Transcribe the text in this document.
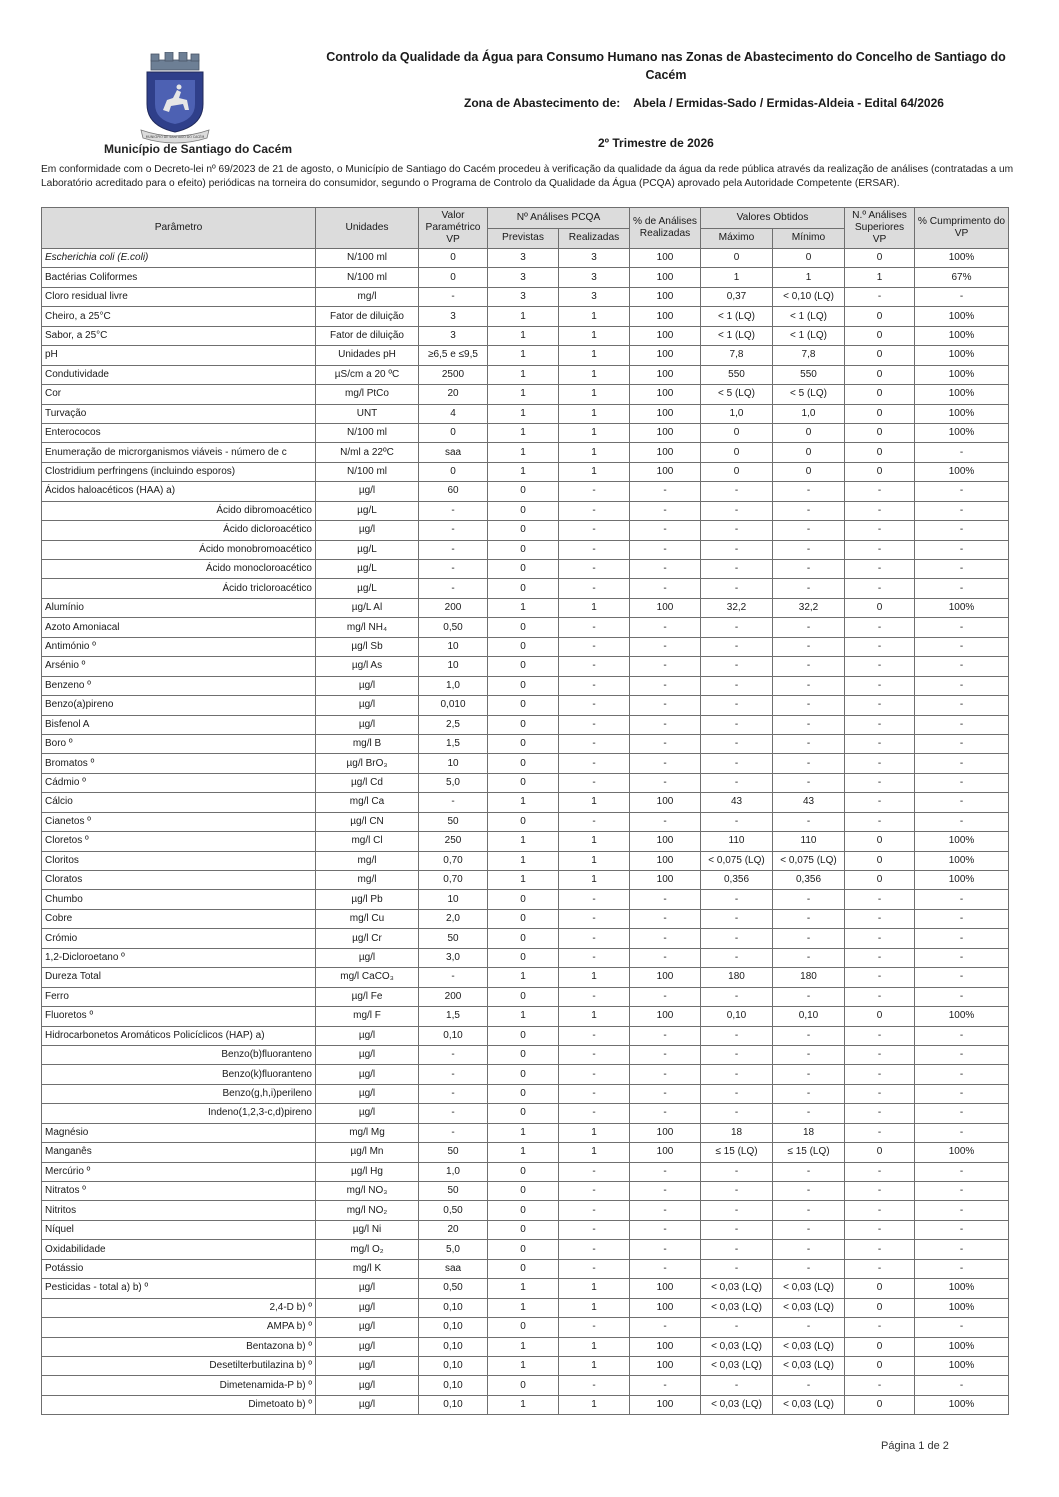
MUNICÍPIO DE SANTIAGO DO CACÉM
Município de Santiago do Cacém
Controlo da Qualidade da Água para Consumo Humano nas Zonas de Abastecimento do Concelho de Santiago do Cacém
Zona de Abastecimento de: Abela / Ermidas-Sado / Ermidas-Aldeia - Edital 64/2026
2º Trimestre de 2026
Em conformidade com o Decreto-lei nº 69/2023 de 21 de agosto, o Município de Santiago do Cacém procedeu à verificação da qualidade da água da rede pública através da realização de análises (contratadas a um Laboratório acreditado para o efeito) periódicas na torneira do consumidor, segundo o Programa de Controlo da Qualidade da Água (PCQA) aprovado pela Autoridade Competente (ERSAR).
Parâmetro	Unidades	Valor Paramétrico VP	Nº Análises PCQA		% de Análises Realizadas	Valores Obtidos		N.º Análises Superiores VP	% Cumprimento do VP
			Previstas	Realizadas		Máximo	Mínimo		
Escherichia coli (E.coli)	N/100 ml	0	3	3	100	0	0	0	100%
Bactérias Coliformes	N/100 ml	0	3	3	100	1	1	1	67%
Cloro residual livre	mg/l	-	3	3	100	0,37	< 0,10 (LQ)	-	-
Cheiro, a 25°C	Fator de diluição	3	1	1	100	< 1 (LQ)	< 1 (LQ)	0	100%
Sabor, a 25°C	Fator de diluição	3	1	1	100	< 1 (LQ)	< 1 (LQ)	0	100%
pH	Unidades pH	≥6,5 e ≤9,5	1	1	100	7,8	7,8	0	100%
Condutividade	µS/cm a 20 ºC	2500	1	1	100	550	550	0	100%
Cor	mg/l PtCo	20	1	1	100	< 5 (LQ)	< 5 (LQ)	0	100%
Turvação	UNT	4	1	1	100	1,0	1,0	0	100%
Enterococos	N/100 ml	0	1	1	100	0	0	0	100%
Enumeração de microrganismos viáveis - número de c	N/ml a 22ºC	saa	1	1	100	0	0	0	-
Clostridium perfringens (incluindo esporos)	N/100 ml	0	1	1	100	0	0	0	100%
Ácidos haloacéticos (HAA) a)	µg/l	60	0	-	-	-	-	-	-
Ácido dibromoacético	µg/L	-	0	-	-	-	-	-	-
Ácido dicloroacético	µg/l	-	0	-	-	-	-	-	-
Ácido monobromoacético	µg/L	-	0	-	-	-	-	-	-
Ácido monocloroacético	µg/L	-	0	-	-	-	-	-	-
Ácido tricloroacético	µg/L	-	0	-	-	-	-	-	-
Alumínio	µg/L Al	200	1	1	100	32,2	32,2	0	100%
Azoto Amoniacal	mg/l NH₄	0,50	0	-	-	-	-	-	-
Antimónio º	µg/l Sb	10	0	-	-	-	-	-	-
Arsénio º	µg/l As	10	0	-	-	-	-	-	-
Benzeno º	µg/l	1,0	0	-	-	-	-	-	-
Benzo(a)pireno	µg/l	0,010	0	-	-	-	-	-	-
Bisfenol A	µg/l	2,5	0	-	-	-	-	-	-
Boro º	mg/l B	1,5	0	-	-	-	-	-	-
Bromatos º	µg/l BrO₃	10	0	-	-	-	-	-	-
Cádmio º	µg/l Cd	5,0	0	-	-	-	-	-	-
Cálcio	mg/l Ca	-	1	1	100	43	43	-	-
Cianetos º	µg/l CN	50	0	-	-	-	-	-	-
Cloretos º	mg/l Cl	250	1	1	100	110	110	0	100%
Cloritos	mg/l	0,70	1	1	100	< 0,075 (LQ)	< 0,075 (LQ)	0	100%
Cloratos	mg/l	0,70	1	1	100	0,356	0,356	0	100%
Chumbo	µg/l Pb	10	0	-	-	-	-	-	-
Cobre	mg/l Cu	2,0	0	-	-	-	-	-	-
Crómio	µg/l Cr	50	0	-	-	-	-	-	-
1,2-Dicloroetano º	µg/l	3,0	0	-	-	-	-	-	-
Dureza Total	mg/l CaCO₃	-	1	1	100	180	180	-	-
Ferro	µg/l Fe	200	0	-	-	-	-	-	-
Fluoretos º	mg/l F	1,5	1	1	100	0,10	0,10	0	100%
Hidrocarbonetos Aromáticos Policíclicos (HAP) a)	µg/l	0,10	0	-	-	-	-	-	-
Benzo(b)fluoranteno	µg/l	-	0	-	-	-	-	-	-
Benzo(k)fluoranteno	µg/l	-	0	-	-	-	-	-	-
Benzo(g,h,i)perileno	µg/l	-	0	-	-	-	-	-	-
Indeno(1,2,3-c,d)pireno	µg/l	-	0	-	-	-	-	-	-
Magnésio	mg/l Mg	-	1	1	100	18	18	-	-
Manganês	µg/l Mn	50	1	1	100	≤ 15 (LQ)	≤ 15 (LQ)	0	100%
Mercúrio º	µg/l Hg	1,0	0	-	-	-	-	-	-
Nitratos º	mg/l NO₃	50	0	-	-	-	-	-	-
Nitritos	mg/l NO₂	0,50	0	-	-	-	-	-	-
Níquel	µg/l Ni	20	0	-	-	-	-	-	-
Oxidabilidade	mg/l O₂	5,0	0	-	-	-	-	-	-
Potássio	mg/l K	saa	0	-	-	-	-	-	-
Pesticidas - total a) b) º	µg/l	0,50	1	1	100	< 0,03 (LQ)	< 0,03 (LQ)	0	100%
2,4-D b) º	µg/l	0,10	1	1	100	< 0,03 (LQ)	< 0,03 (LQ)	0	100%
AMPA b) º	µg/l	0,10	0	-	-	-	-	-	-
Bentazona b) º	µg/l	0,10	1	1	100	< 0,03 (LQ)	< 0,03 (LQ)	0	100%
Desetilterbutilazina b) º	µg/l	0,10	1	1	100	< 0,03 (LQ)	< 0,03 (LQ)	0	100%
Dimetenamida-P b) º	µg/l	0,10	0	-	-	-	-	-	-
Dimetoato b) º	µg/l	0,10	1	1	100	< 0,03 (LQ)	< 0,03 (LQ)	0	100%
Página 1 de 2
